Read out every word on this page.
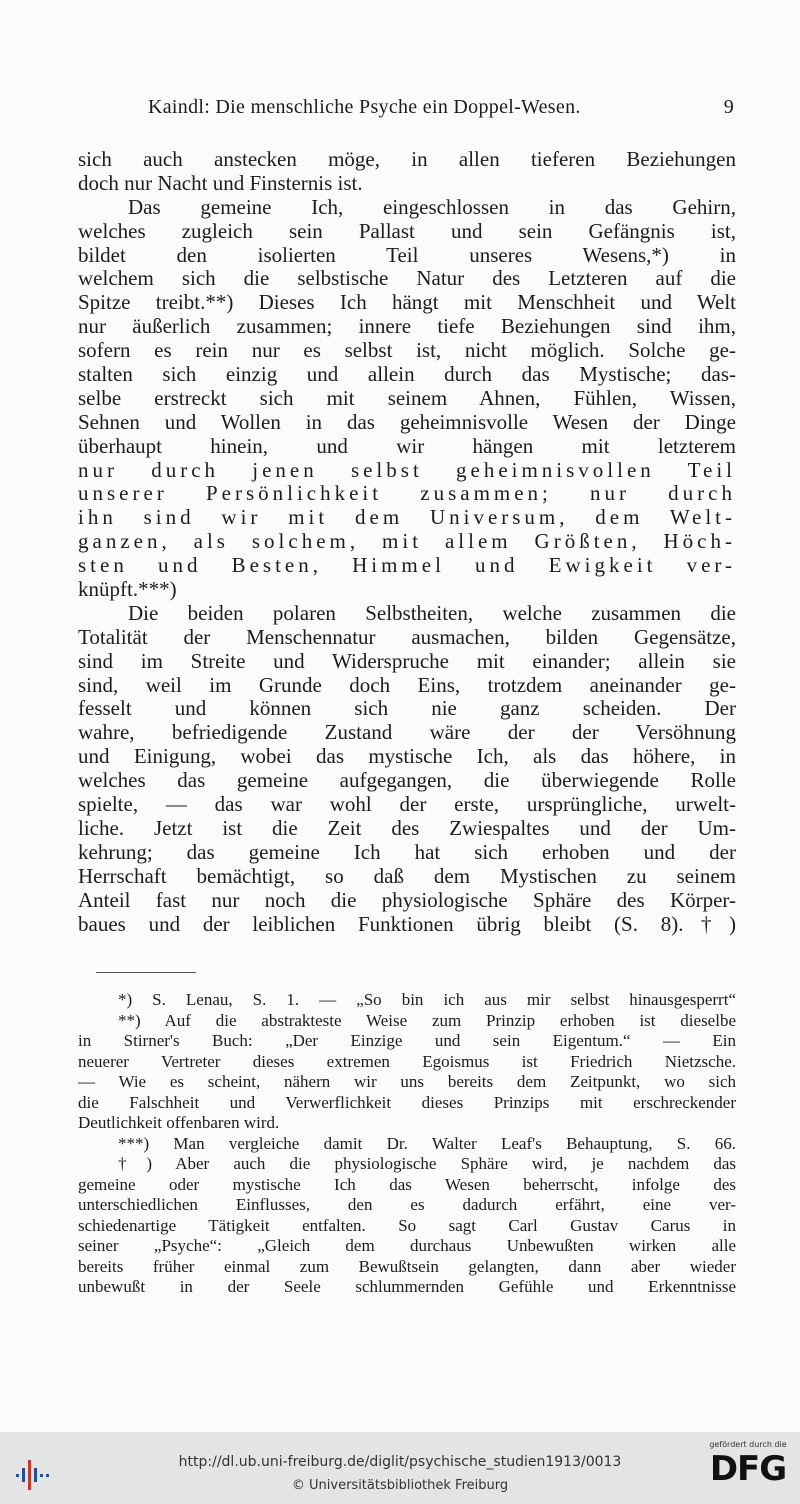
Kaindl: Die menschliche Psyche ein Doppel-Wesen.	9
sich auch anstecken möge, in allen tieferen Beziehungen
doch nur Nacht und Finsternis ist.
Das gemeine Ich, eingeschlossen in das Gehirn,
welches zugleich sein Pallast und sein Gefängnis ist,
bildet den isolierten Teil unseres Wesens,*) in
welchem sich die selbstische Natur des Letzteren auf die
Spitze treibt.**) Dieses Ich hängt mit Menschheit und Welt
nur äußerlich zusammen; innere tiefe Beziehungen sind ihm,
sofern es rein nur es selbst ist, nicht möglich. Solche ge-
stalten sich einzig und allein durch das Mystische; das-
selbe erstreckt sich mit seinem Ahnen, Fühlen, Wissen,
Sehnen und Wollen in das geheimnisvolle Wesen der Dinge
überhaupt hinein, und wir hängen mit letzterem
nur durch jenen selbst geheimnisvollen Teil
unserer Persönlichkeit zusammen; nur durch
ihn sind wir mit dem Universum, dem Welt-
ganzen, als solchem, mit allem Größten, Höch-
sten und Besten, Himmel und Ewigkeit ver-
knüpft.***)
Die beiden polaren Selbstheiten, welche zusammen die
Totalität der Menschennatur ausmachen, bilden Gegensätze,
sind im Streite und Widerspruche mit einander; allein sie
sind, weil im Grunde doch Eins, trotzdem aneinander ge-
fesselt und können sich nie ganz scheiden. Der
wahre, befriedigende Zustand wäre der der Versöhnung
und Einigung, wobei das mystische Ich, als das höhere, in
welches das gemeine aufgegangen, die überwiegende Rolle
spielte, — das war wohl der erste, ursprüngliche, urwelt-
liche. Jetzt ist die Zeit des Zwiespaltes und der Um-
kehrung; das gemeine Ich hat sich erhoben und der
Herrschaft bemächtigt, so daß dem Mystischen zu seinem
Anteil fast nur noch die physiologische Sphäre des Körper-
baues und der leiblichen Funktionen übrig bleibt (S. 8).†)
*) S. Lenau, S. 1. — „So bin ich aus mir selbst hinausgesperrt“
**) Auf die abstrakteste Weise zum Prinzip erhoben ist dieselbe
in Stirner's Buch: „Der Einzige und sein Eigentum.“ — Ein
neuerer Vertreter dieses extremen Egoismus ist Friedrich Nietzsche.
— Wie es scheint, nähern wir uns bereits dem Zeitpunkt, wo sich
die Falschheit und Verwerflichkeit dieses Prinzips mit erschreckender
Deutlichkeit offenbaren wird.
***) Man vergleiche damit Dr. Walter Leaf's Behauptung, S. 66.
†) Aber auch die physiologische Sphäre wird, je nachdem das
gemeine oder mystische Ich das Wesen beherrscht, infolge des
unterschiedlichen Einflusses, den es dadurch erfährt, eine ver-
schiedenartige Tätigkeit entfalten. So sagt Carl Gustav Carus in
seiner „Psyche“: „Gleich dem durchaus Unbewußten wirken alle
bereits früher einmal zum Bewußtsein gelangten, dann aber wieder
unbewußt in der Seele schlummernden Gefühle und Erkenntnisse
http://dl.ub.uni-freiburg.de/diglit/psychische_studien1913/0013
© Universitätsbibliothek Freiburg
gefördert durch die
DFG
